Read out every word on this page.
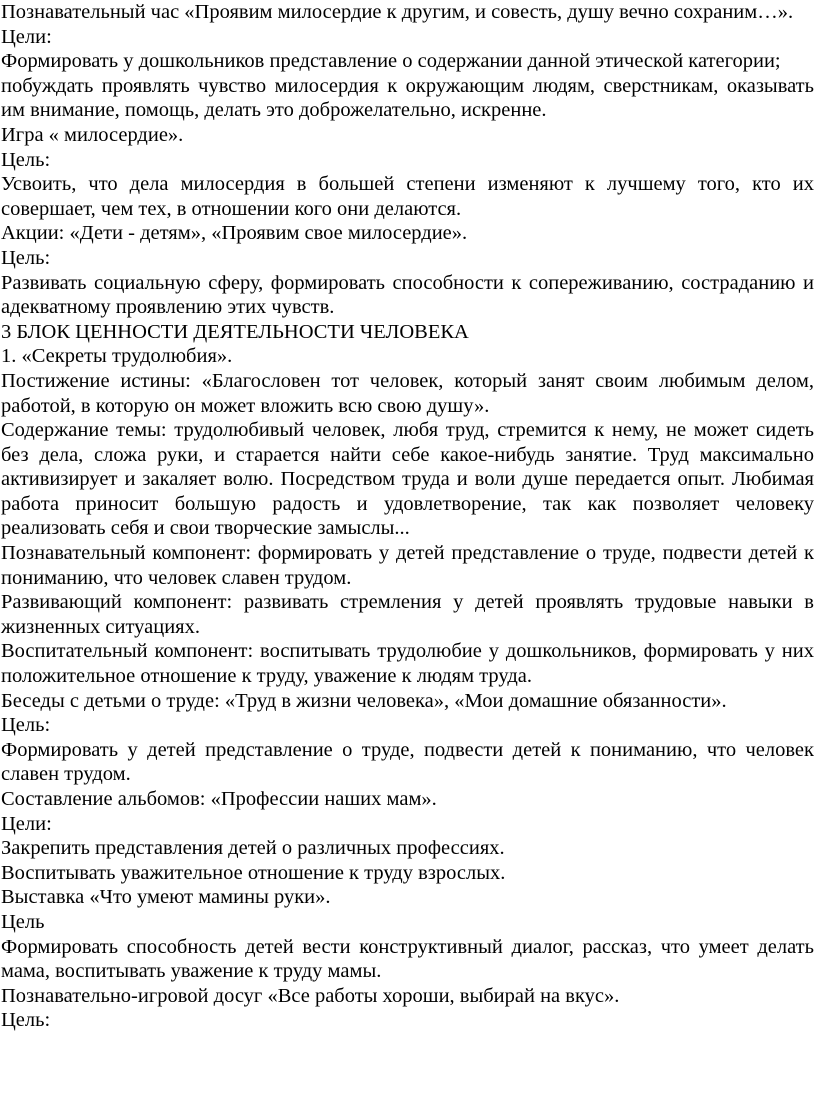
Познавательный час «Проявим милосердие к другим, и совесть, душу вечно сохраним…».

Цели:

Формировать у дошкольников представление о содержании данной этической категории;

побуждать проявлять чувство милосердия к окружающим людям, сверстникам, оказывать им внимание, помощь, делать это доброжелательно, искренне.

Игра « милосердие».

Цель:

Усвоить, что дела милосердия в большей степени изменяют к лучшему того, кто их совершает, чем тех, в отношении кого они делаются.

Акции: «Дети - детям», «Проявим свое милосердие».

Цель:

Развивать социальную сферу, формировать способности к сопереживанию, состраданию и адекватному проявлению этих чувств.

3 БЛОК ЦЕННОСТИ ДЕЯТЕЛЬНОСТИ ЧЕЛОВЕКА

1. «Секреты трудолюбия».

Постижение истины: «Благословен тот человек, который занят своим любимым делом, работой, в которую он может вложить всю свою душу».

Содержание темы: трудолюбивый человек, любя труд, стремится к нему, не может сидеть без дела, сложа руки, и старается найти себе какое-нибудь занятие. Труд максимально активизирует и закаляет волю. Посредством труда и воли душе передается опыт. Любимая работа приносит большую радость и удовлетворение, так как позволяет человеку реализовать себя и свои творческие замыслы...

Познавательный компонент: формировать у детей представление о труде, подвести детей к пониманию, что человек славен трудом.

Развивающий компонент: развивать стремления у детей проявлять трудовые навыки в жизненных ситуациях.

Воспитательный компонент: воспитывать трудолюбие у дошкольников, формировать у них положительное отношение к труду, уважение к людям труда.

Беседы с детьми о труде: «Труд в жизни человека», «Мои домашние обязанности».

Цель:

Формировать у детей представление о труде, подвести детей к пониманию, что человек славен трудом.

Составление альбомов: «Профессии наших мам».

Цели:

Закрепить представления детей о различных профессиях.

Воспитывать уважительное отношение к труду взрослых.

Выставка «Что умеют мамины руки».

Цель

Формировать способность детей вести конструктивный диалог, рассказ, что умеет делать мама, воспитывать уважение к труду мамы.

Познавательно-игровой досуг «Все работы хороши, выбирай на вкус».

Цель:
